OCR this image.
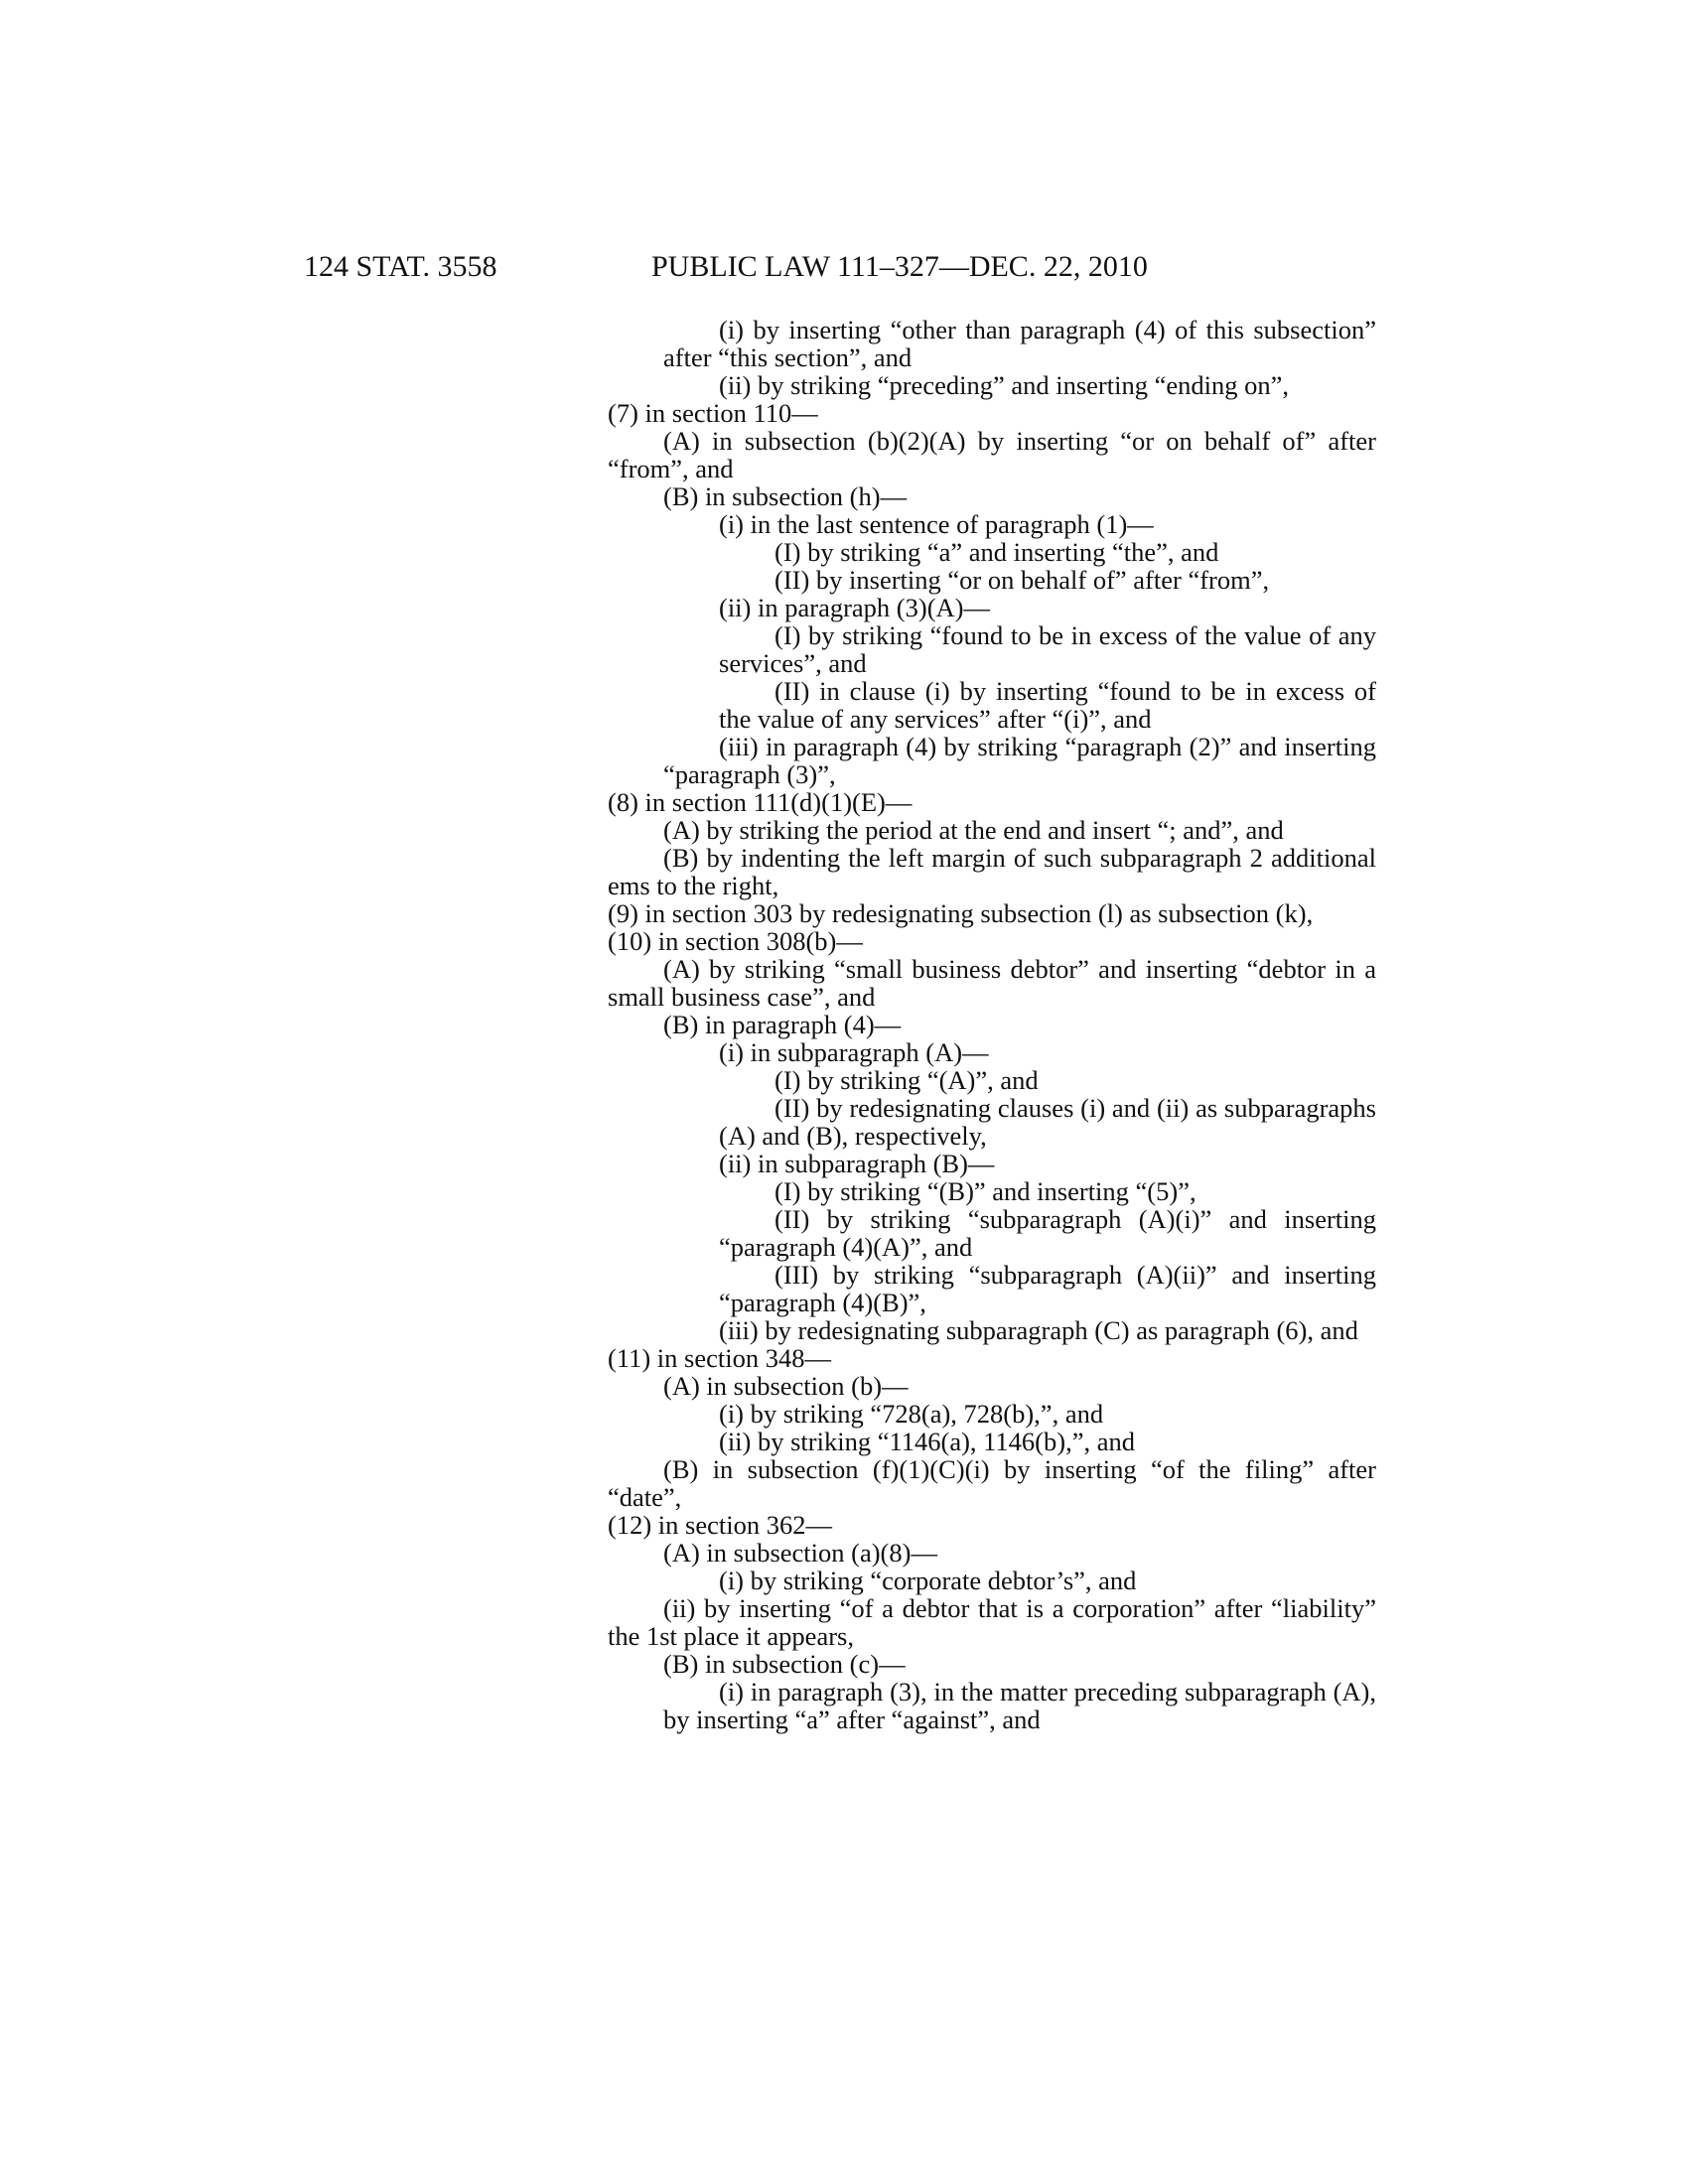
124 STAT. 3558	PUBLIC LAW 111–327—DEC. 22, 2010

(i) by inserting “other than paragraph (4) of this subsection” after “this section”, and

(ii) by striking “preceding” and inserting “ending on”,

(7) in section 110—

(A) in subsection (b)(2)(A) by inserting “or on behalf of” after “from”, and

(B) in subsection (h)—

(i) in the last sentence of paragraph (1)—

(I) by striking “a” and inserting “the”, and

(II) by inserting “or on behalf of” after “from”,

(ii) in paragraph (3)(A)—

(I) by striking “found to be in excess of the value of any services”, and

(II) in clause (i) by inserting “found to be in excess of the value of any services” after “(i)”, and

(iii) in paragraph (4) by striking “paragraph (2)” and inserting “paragraph (3)”,

(8) in section 111(d)(1)(E)—

(A) by striking the period at the end and insert “; and”, and

(B) by indenting the left margin of such subparagraph 2 additional ems to the right,

(9) in section 303 by redesignating subsection (l) as subsection (k),

(10) in section 308(b)—

(A) by striking “small business debtor” and inserting “debtor in a small business case”, and

(B) in paragraph (4)—

(i) in subparagraph (A)—

(I) by striking “(A)”, and

(II) by redesignating clauses (i) and (ii) as subparagraphs (A) and (B), respectively,

(ii) in subparagraph (B)—

(I) by striking “(B)” and inserting “(5)”,

(II) by striking “subparagraph (A)(i)” and inserting “paragraph (4)(A)”, and

(III) by striking “subparagraph (A)(ii)” and inserting “paragraph (4)(B)”,

(iii) by redesignating subparagraph (C) as paragraph (6), and

(11) in section 348—

(A) in subsection (b)—

(i) by striking “728(a), 728(b),”, and

(ii) by striking “1146(a), 1146(b),”, and

(B) in subsection (f)(1)(C)(i) by inserting “of the filing” after “date”,

(12) in section 362—

(A) in subsection (a)(8)—

(i) by striking “corporate debtor’s”, and

(ii) by inserting “of a debtor that is a corporation” after “liability” the 1st place it appears,

(B) in subsection (c)—

(i) in paragraph (3), in the matter preceding subparagraph (A), by inserting “a” after “against”, and
